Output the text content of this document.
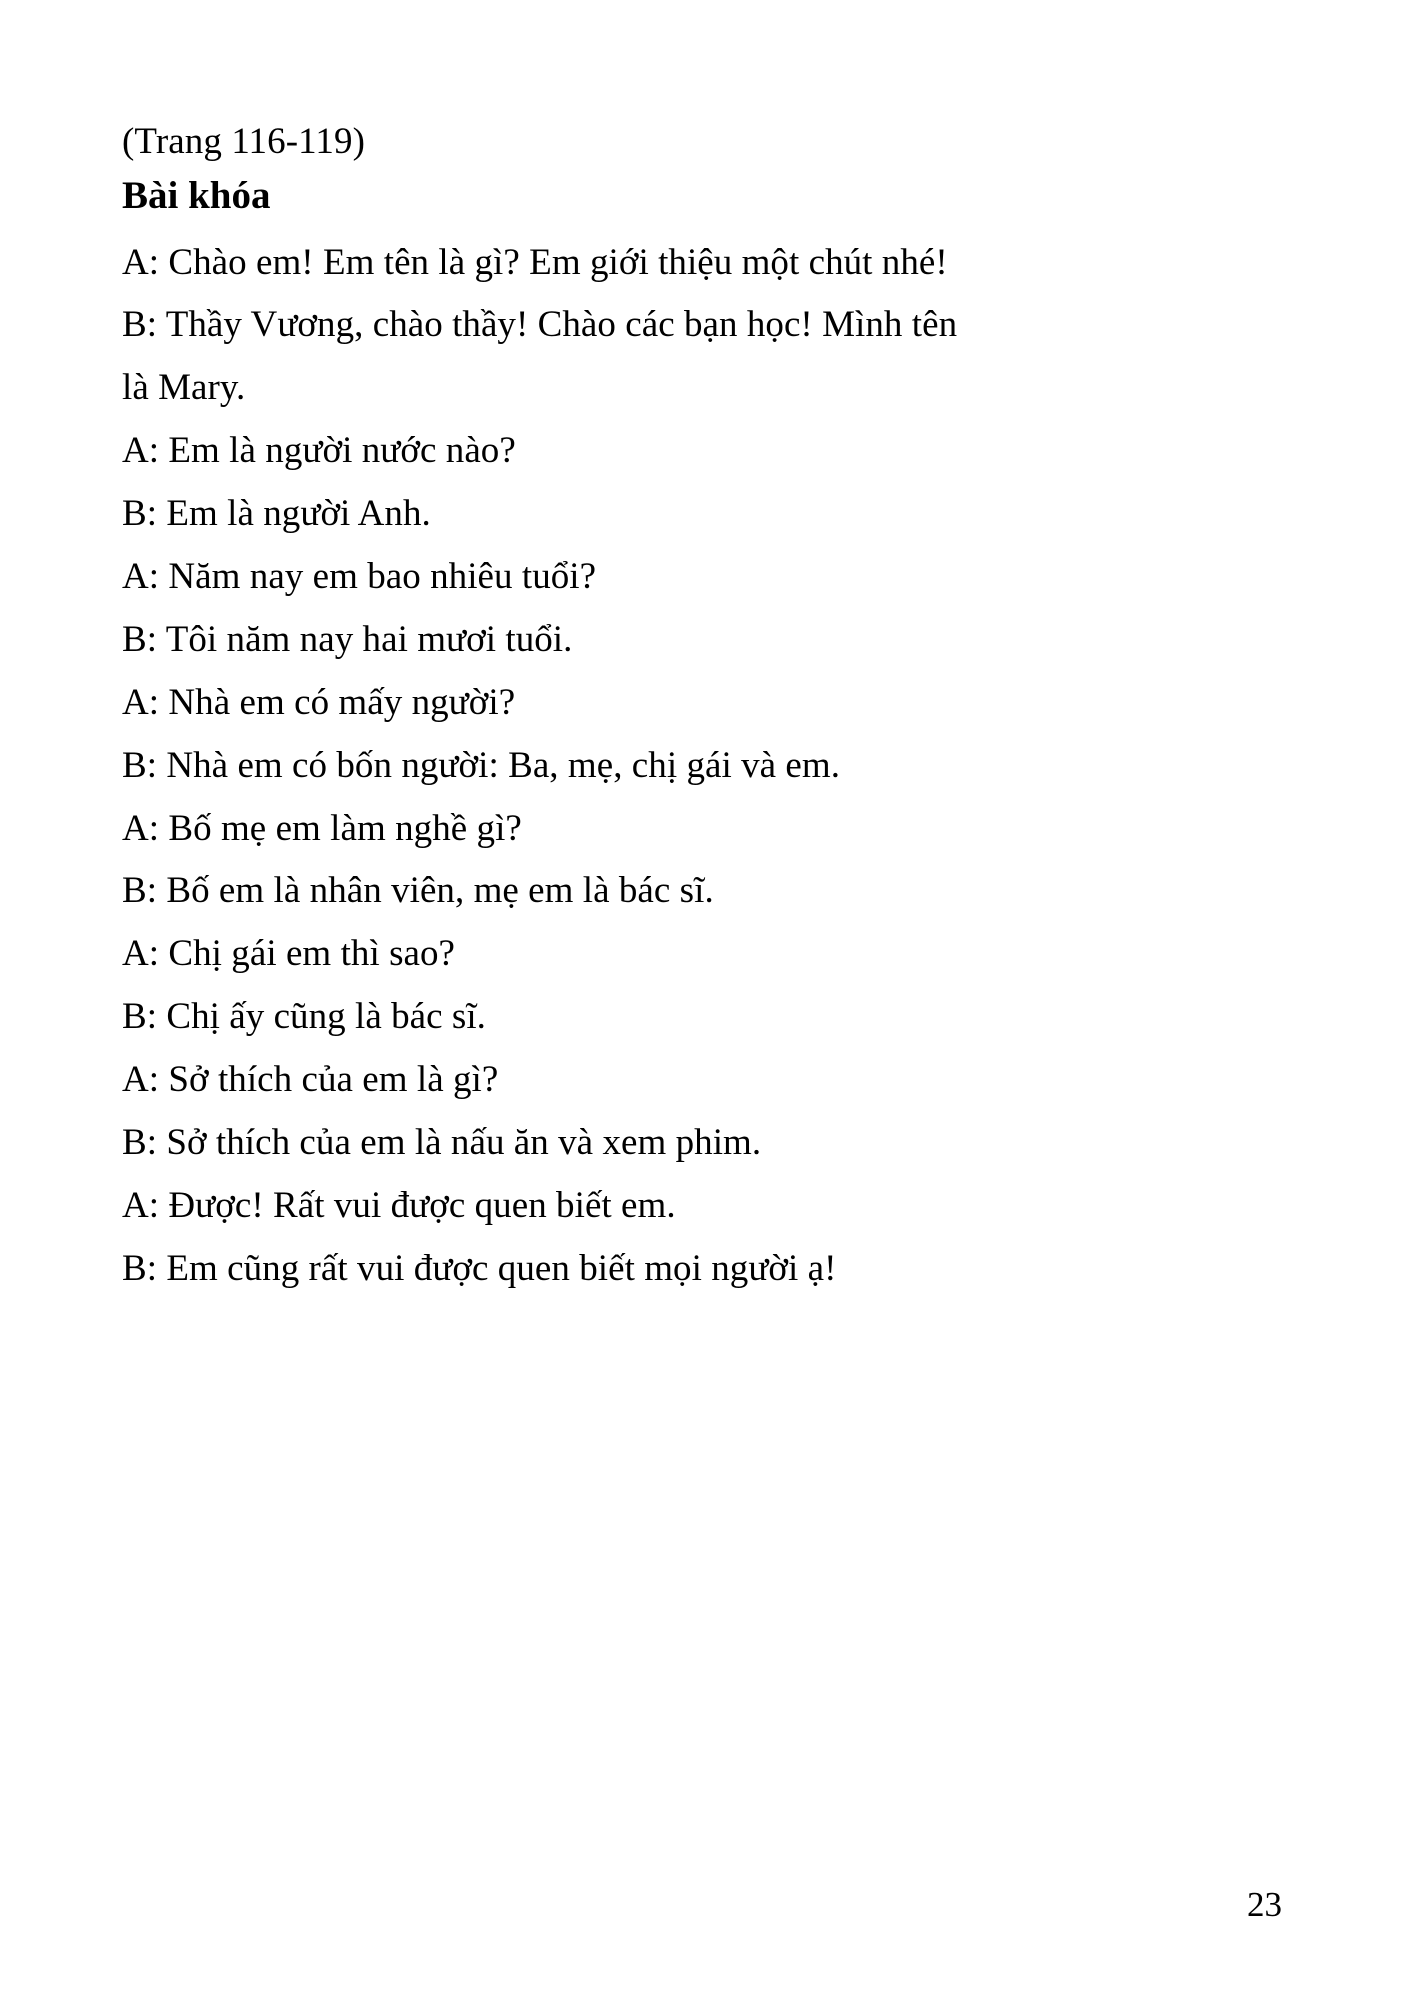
(Trang 116-119)

Bài khóa
A: Chào em! Em tên là gì? Em giới thiệu một chút nhé!
B: Thầy Vương, chào thầy! Chào các bạn học! Mình tên là Mary.
A: Em là người nước nào?
B: Em là người Anh.
A: Năm nay em bao nhiêu tuổi?
B: Tôi năm nay hai mươi tuổi.
A: Nhà em có mấy người?
B: Nhà em có bốn người: Ba, mẹ, chị gái và em.
A: Bố mẹ em làm nghề gì?
B: Bố em là nhân viên, mẹ em là bác sĩ.
A: Chị gái em thì sao?
B: Chị ấy cũng là bác sĩ.
A: Sở thích của em là gì?
B: Sở thích của em là nấu ăn và xem phim.
A: Được! Rất vui được quen biết em.
B: Em cũng rất vui được quen biết mọi người ạ!
23
